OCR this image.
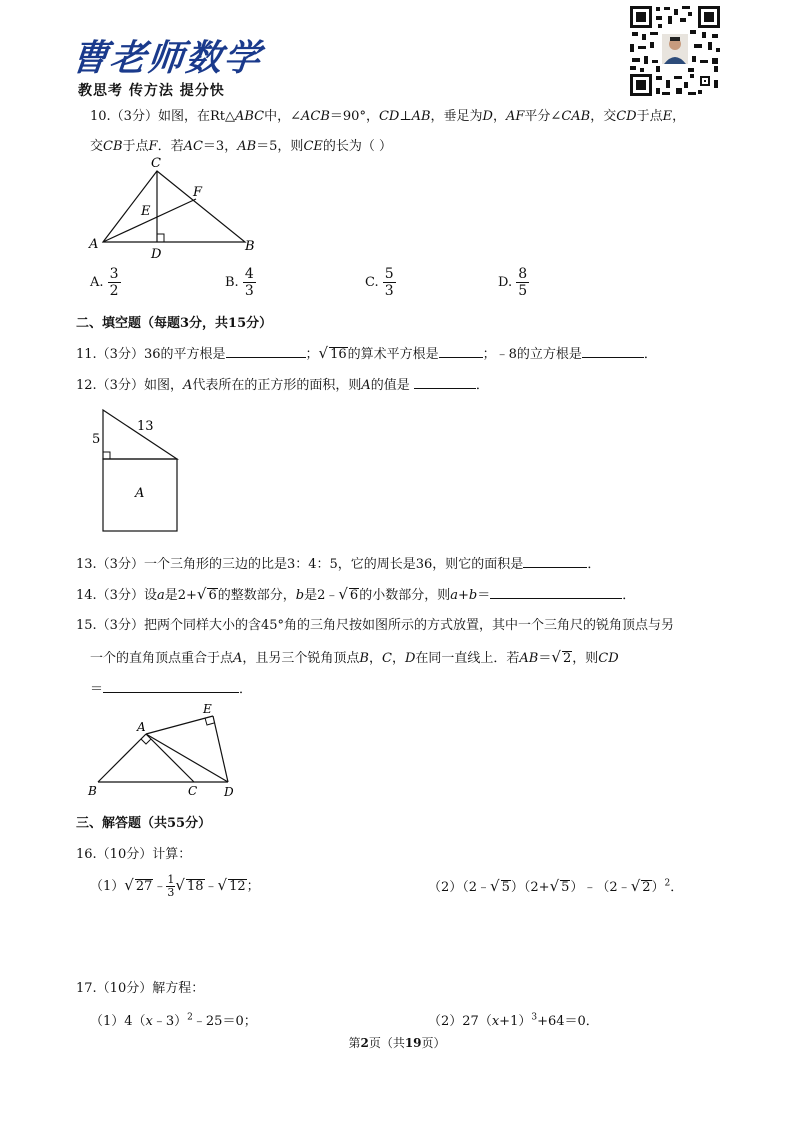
曹老师数学
教思考 传方法 提分快
10.（3分）如图，在Rt△ABC中，∠ACB＝90°，CD⊥AB，垂足为D，AF平分∠CAB，交CD于点E，
交CB于点F．若AC＝3，AB＝5，则CE的长为（ ）
C
F
E
A
D
B
A. $\frac{3}{2}$	B. $\frac{4}{3}$	C. $\frac{5}{3}$	D. $\frac{8}{5}$
二、填空题（每题3分，共15分）
11.（3分）36的平方根是	；√ 16的算术平方根是	；﹣8的立方根是	．
12.（3分）如图，A代表所在的正方形的面积，则A的值是	．
5
13
A
13.（3分）一个三角形的三边的比是3：4：5，它的周长是36，则它的面积是	．
14.（3分）设a是2+√ 6的整数部分，b是2﹣√ 6的小数部分，则a+b＝	．
15.（3分）把两个同样大小的含45°角的三角尺按如图所示的方式放置，其中一个三角尺的锐角顶点与另
一个的直角顶点重合于点A，且另三个锐角顶点B，C，D在同一直线上．若AB＝√ 2，则CD
＝	．
A
E
B	C D
三、解答题（共55分）
16.（10分）计算：
（1）√ 27﹣ $\frac{1}{3}$ √ 18﹣√ 12；	（2）（2﹣√ 5）（2+√ 5）﹣（2﹣√ 2）$^2$．
17.（10分）解方程：
（1）4（x﹣3）$^2$﹣25＝0；	$(2)27(x+1)^3+64=0$．
第2页（共19页）
